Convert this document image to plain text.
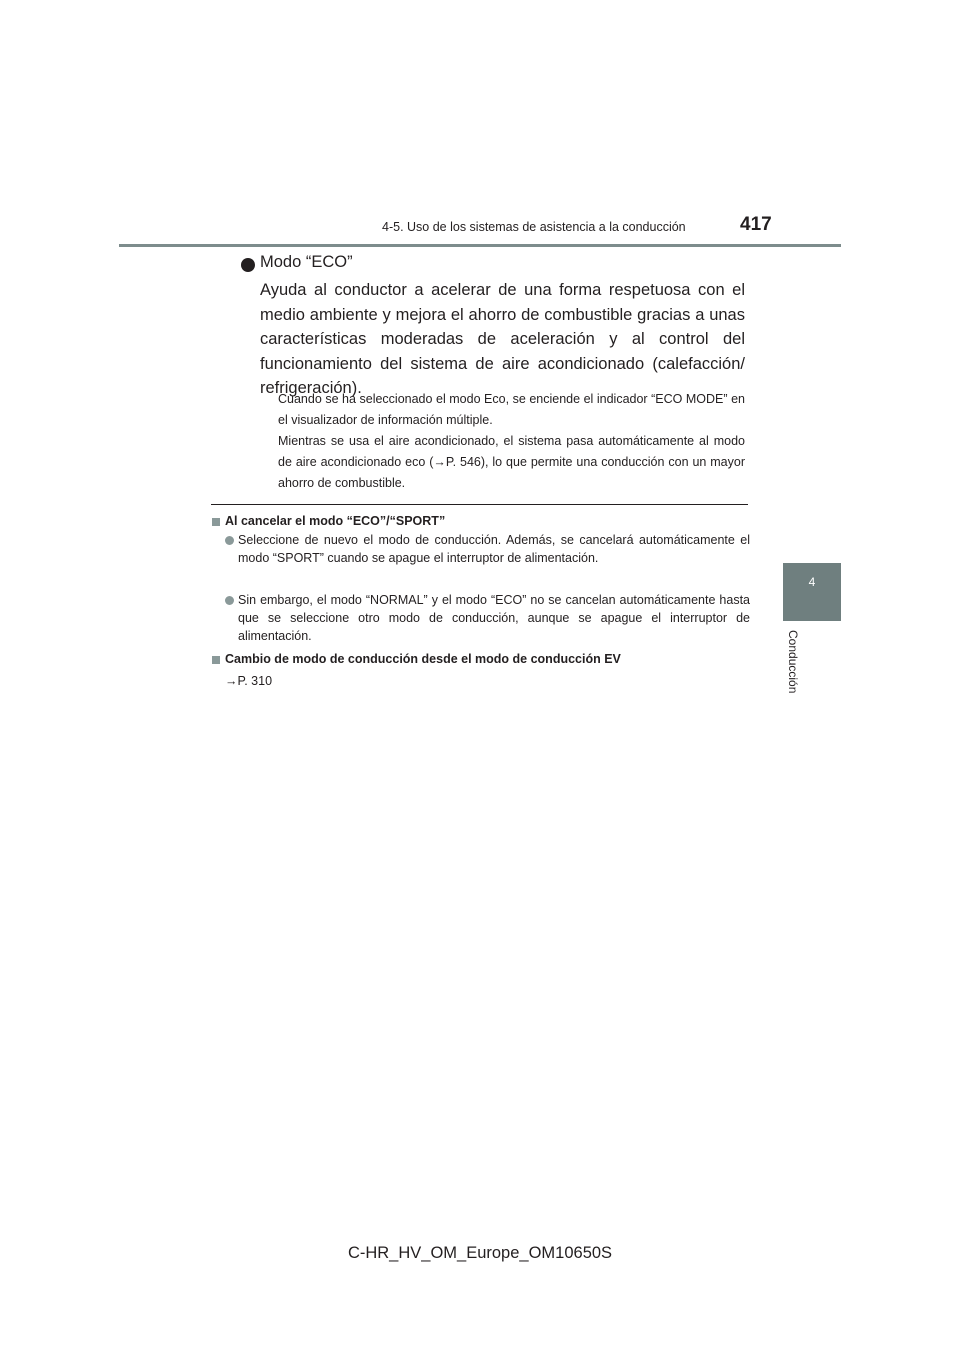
4-5. Uso de los sistemas de asistencia a la conducción	417
4
Conducción
Modo “ECO”
Ayuda al conductor a acelerar de una forma respetuosa con el medio ambiente y mejora el ahorro de combustible gracias a unas características moderadas de aceleración y al control del funcionamiento del sistema de aire acondicionado (calefacción/ refrigeración).
Cuando se ha seleccionado el modo Eco, se enciende el indicador “ECO MODE” en el visualizador de información múltiple.
Mientras se usa el aire acondicionado, el sistema pasa automáticamente al modo de aire acondicionado eco (→P. 546), lo que permite una conducción con un mayor ahorro de combustible.
Al cancelar el modo “ECO”/“SPORT”
Seleccione de nuevo el modo de conducción. Además, se cancelará automáticamente el modo “SPORT” cuando se apague el interruptor de alimentación.
Sin embargo, el modo “NORMAL” y el modo “ECO” no se cancelan automáticamente hasta que se seleccione otro modo de conducción, aunque se apague el interruptor de alimentación.
Cambio de modo de conducción desde el modo de conducción EV
→P. 310
C-HR_HV_OM_Europe_OM10650S
